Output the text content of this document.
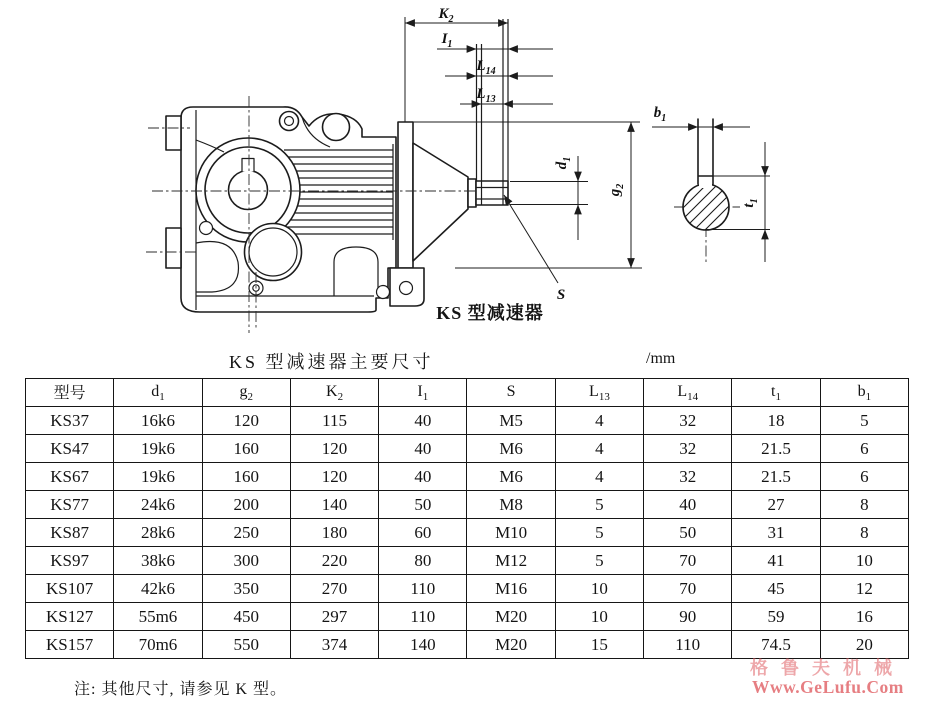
$K_2$
$I_1$
$L_{14}$
$L_{13}$
$d_1$
$g_2$
S
$b_1$
$t_1$
KS 型减速器
KS 型减速器主要尺寸	/mm
型号	$d_1$	$g_2$	$K_2$	$I_1$	S	$L_{13}$	$L_{14}$	$t_1$	$b_1$
KS37	16k6	120	115	40	M5	4	32	18	5
KS47	19k6	160	120	40	M6	4	32	21.5	6
KS67	19k6	160	120	40	M6	4	32	21.5	6
KS77	24k6	200	140	50	M8	5	40	27	8
KS87	28k6	250	180	60	M10	5	50	31	8
KS97	38k6	300	220	80	M12	5	70	41	10
KS107	42k6	350	270	110	M16	10	70	45	12
KS127	55m6	450	297	110	M20	10	90	59	16
KS157	70m6	550	374	140	M20	15	110	74.5	20
注: 其他尺寸, 请参见 K 型。
格鲁夫机械
Www.GeLufu.Com
